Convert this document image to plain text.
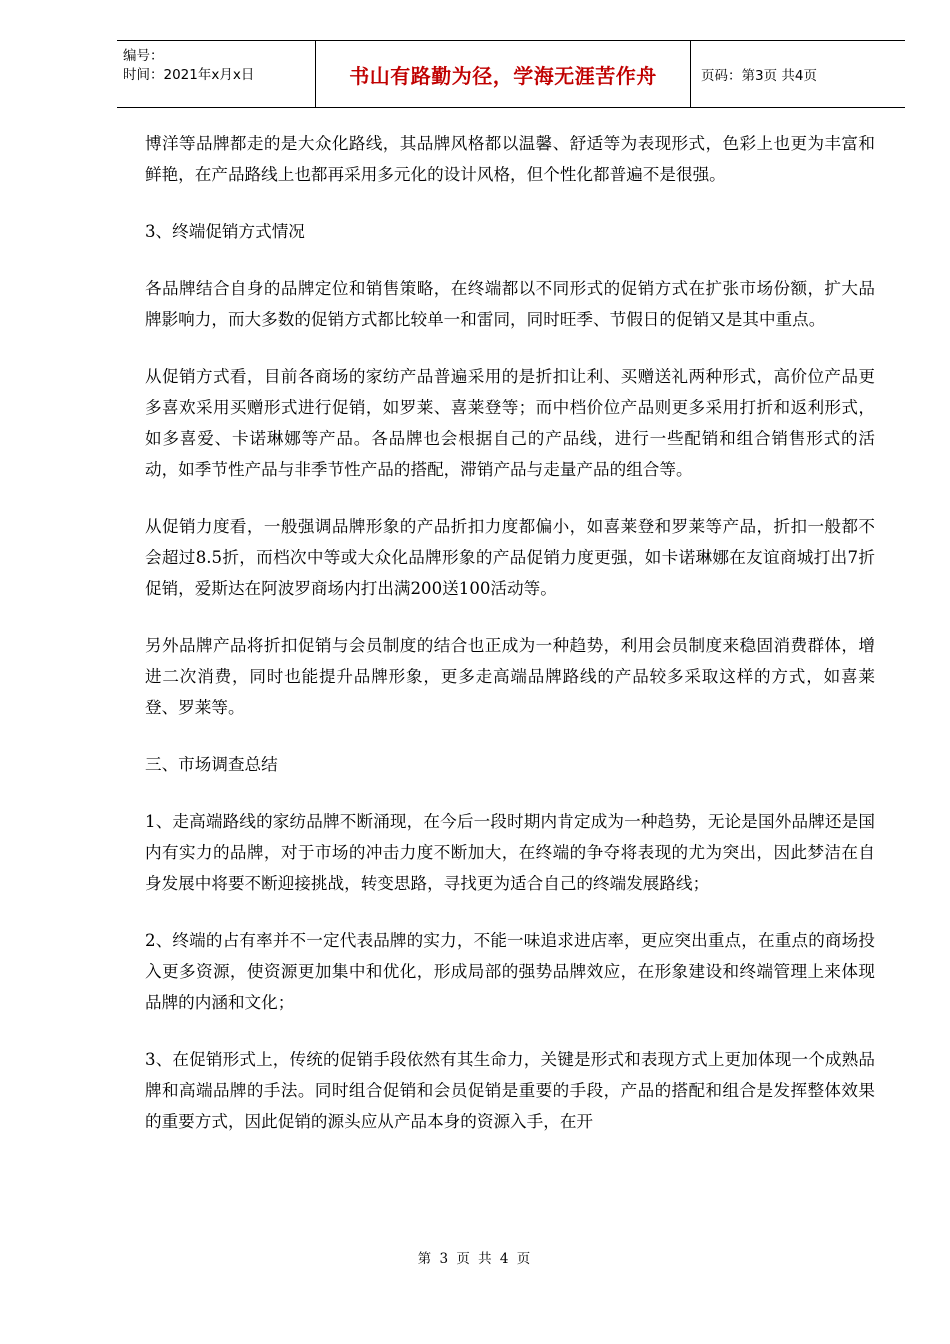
编号：
时间：2021年x月x日	书山有路勤为径，学海无涯苦作舟	页码：第3页 共4页

博洋等品牌都走的是大众化路线，其品牌风格都以温馨、舒适等为表现形式，色彩上也更为丰富和鲜艳，在产品路线上也都再采用多元化的设计风格，但个性化都普遍不是很强。

3、终端促销方式情况

各品牌结合自身的品牌定位和销售策略，在终端都以不同形式的促销方式在扩张市场份额，扩大品牌影响力，而大多数的促销方式都比较单一和雷同，同时旺季、节假日的促销又是其中重点。

从促销方式看，目前各商场的家纺产品普遍采用的是折扣让利、买赠送礼两种形式，高价位产品更多喜欢采用买赠形式进行促销，如罗莱、喜莱登等；而中档价位产品则更多采用打折和返利形式，如多喜爱、卡诺琳娜等产品。各品牌也会根据自己的产品线，进行一些配销和组合销售形式的活动，如季节性产品与非季节性产品的搭配，滞销产品与走量产品的组合等。

从促销力度看，一般强调品牌形象的产品折扣力度都偏小，如喜莱登和罗莱等产品，折扣一般都不会超过8.5折，而档次中等或大众化品牌形象的产品促销力度更强，如卡诺琳娜在友谊商城打出7折促销，爱斯达在阿波罗商场内打出满200送100活动等。

另外品牌产品将折扣促销与会员制度的结合也正成为一种趋势，利用会员制度来稳固消费群体，增进二次消费，同时也能提升品牌形象，更多走高端品牌路线的产品较多采取这样的方式，如喜莱登、罗莱等。

三、市场调查总结

1、走高端路线的家纺品牌不断涌现，在今后一段时期内肯定成为一种趋势，无论是国外品牌还是国内有实力的品牌，对于市场的冲击力度不断加大，在终端的争夺将表现的尤为突出，因此梦洁在自身发展中将要不断迎接挑战，转变思路，寻找更为适合自己的终端发展路线；

2、终端的占有率并不一定代表品牌的实力，不能一味追求进店率，更应突出重点，在重点的商场投入更多资源，使资源更加集中和优化，形成局部的强势品牌效应，在形象建设和终端管理上来体现品牌的内涵和文化；

3、在促销形式上，传统的促销手段依然有其生命力，关键是形式和表现方式上更加体现一个成熟品牌和高端品牌的手法。同时组合促销和会员促销是重要的手段，产品的搭配和组合是发挥整体效果的重要方式，因此促销的源头应从产品本身的资源入手，在开

第 3 页 共 4 页
